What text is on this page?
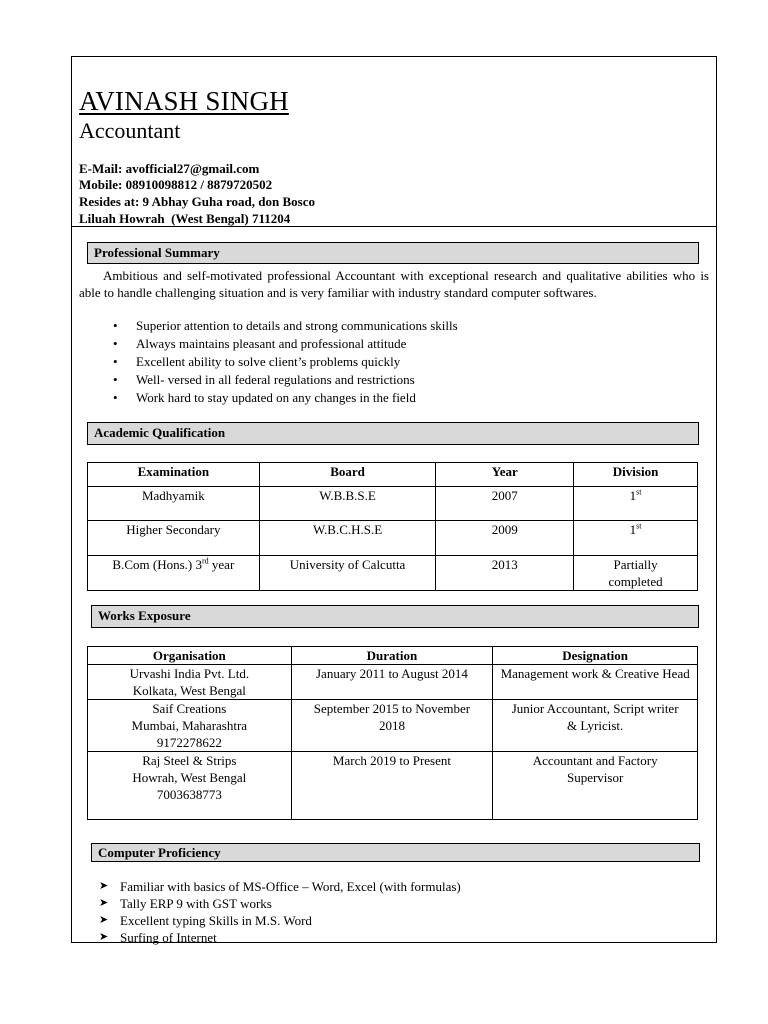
AVINASH SINGH
Accountant
E-Mail: avofficial27@gmail.com
Mobile: 08910098812 / 8879720502
Resides at: 9 Abhay Guha road, don Bosco
Liluah Howrah  (West Bengal) 711204
Professional Summary
Ambitious and self-motivated professional Accountant with exceptional research and qualitative abilities who is able to handle challenging situation and is very familiar with industry standard computer softwares.
• Superior attention to details and strong communications skills
• Always maintains pleasant and professional attitude
• Excellent ability to solve client’s problems quickly
• Well- versed in all federal regulations and restrictions
• Work hard to stay updated on any changes in the field
Academic Qualification
Examination	Board	Year	Division
Madhyamik	W.B.B.S.E	2007	1st
Higher Secondary	W.B.C.H.S.E	2009	1st
B.Com (Hons.) 3rd year	University of Calcutta	2013	Partially completed
Works Exposure
Organisation	Duration	Designation

Urvashi India Pvt. Ltd.
Kolkata, West Bengal	January 2011 to August 2014	Management work & Creative Head

Saif Creations
Mumbai, Maharashtra
9172278622	September 2015 to November 2018	Junior Accountant, Script writer & Lyricist.

Raj Steel & Strips
Howrah, West Bengal
7003638773	March 2019 to Present	Accountant and Factory Supervisor
Computer Proficiency
➤ Familiar with basics of MS-Office – Word, Excel (with formulas)
➤ Tally ERP 9 with GST works
➤ Excellent typing Skills in M.S. Word
➤ Surfing of Internet
